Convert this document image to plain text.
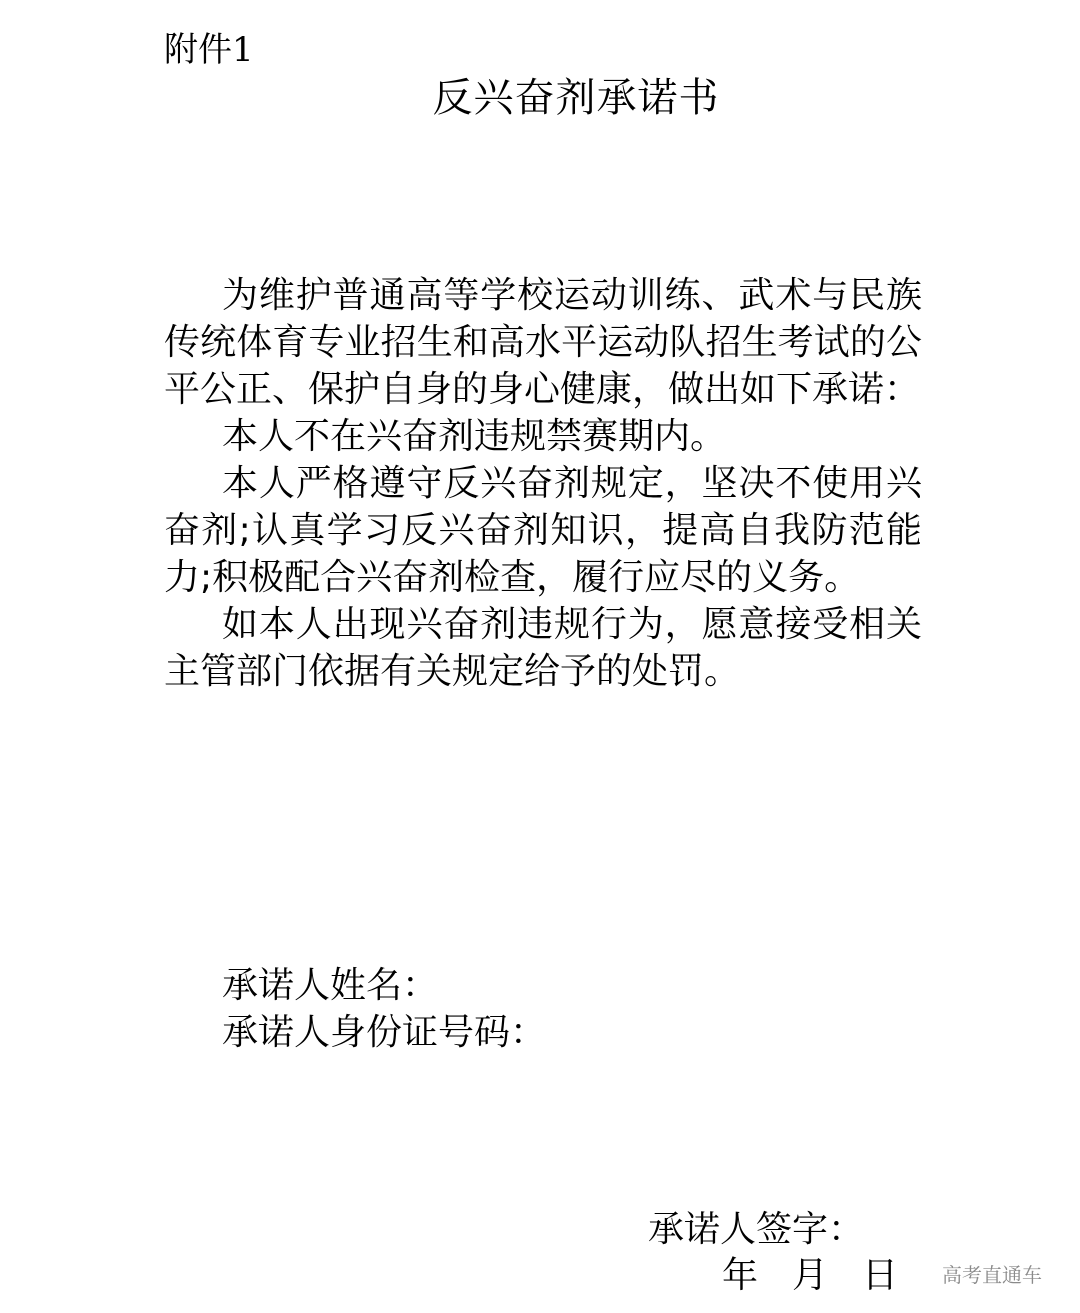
附件1
反兴奋剂承诺书

为维护普通高等学校运动训练、武术与民族传统体育专业招生和高水平运动队招生考试的公平公正、保护自身的身心健康，做出如下承诺：

本人不在兴奋剂违规禁赛期内。

本人严格遵守反兴奋剂规定，坚决不使用兴奋剂;认真学习反兴奋剂知识，提高自我防范能力;积极配合兴奋剂检查，履行应尽的义务。

如本人出现兴奋剂违规行为，愿意接受相关主管部门依据有关规定给予的处罚。

承诺人姓名：
承诺人身份证号码：
承诺人签字：
年 月 日 高考直通车
